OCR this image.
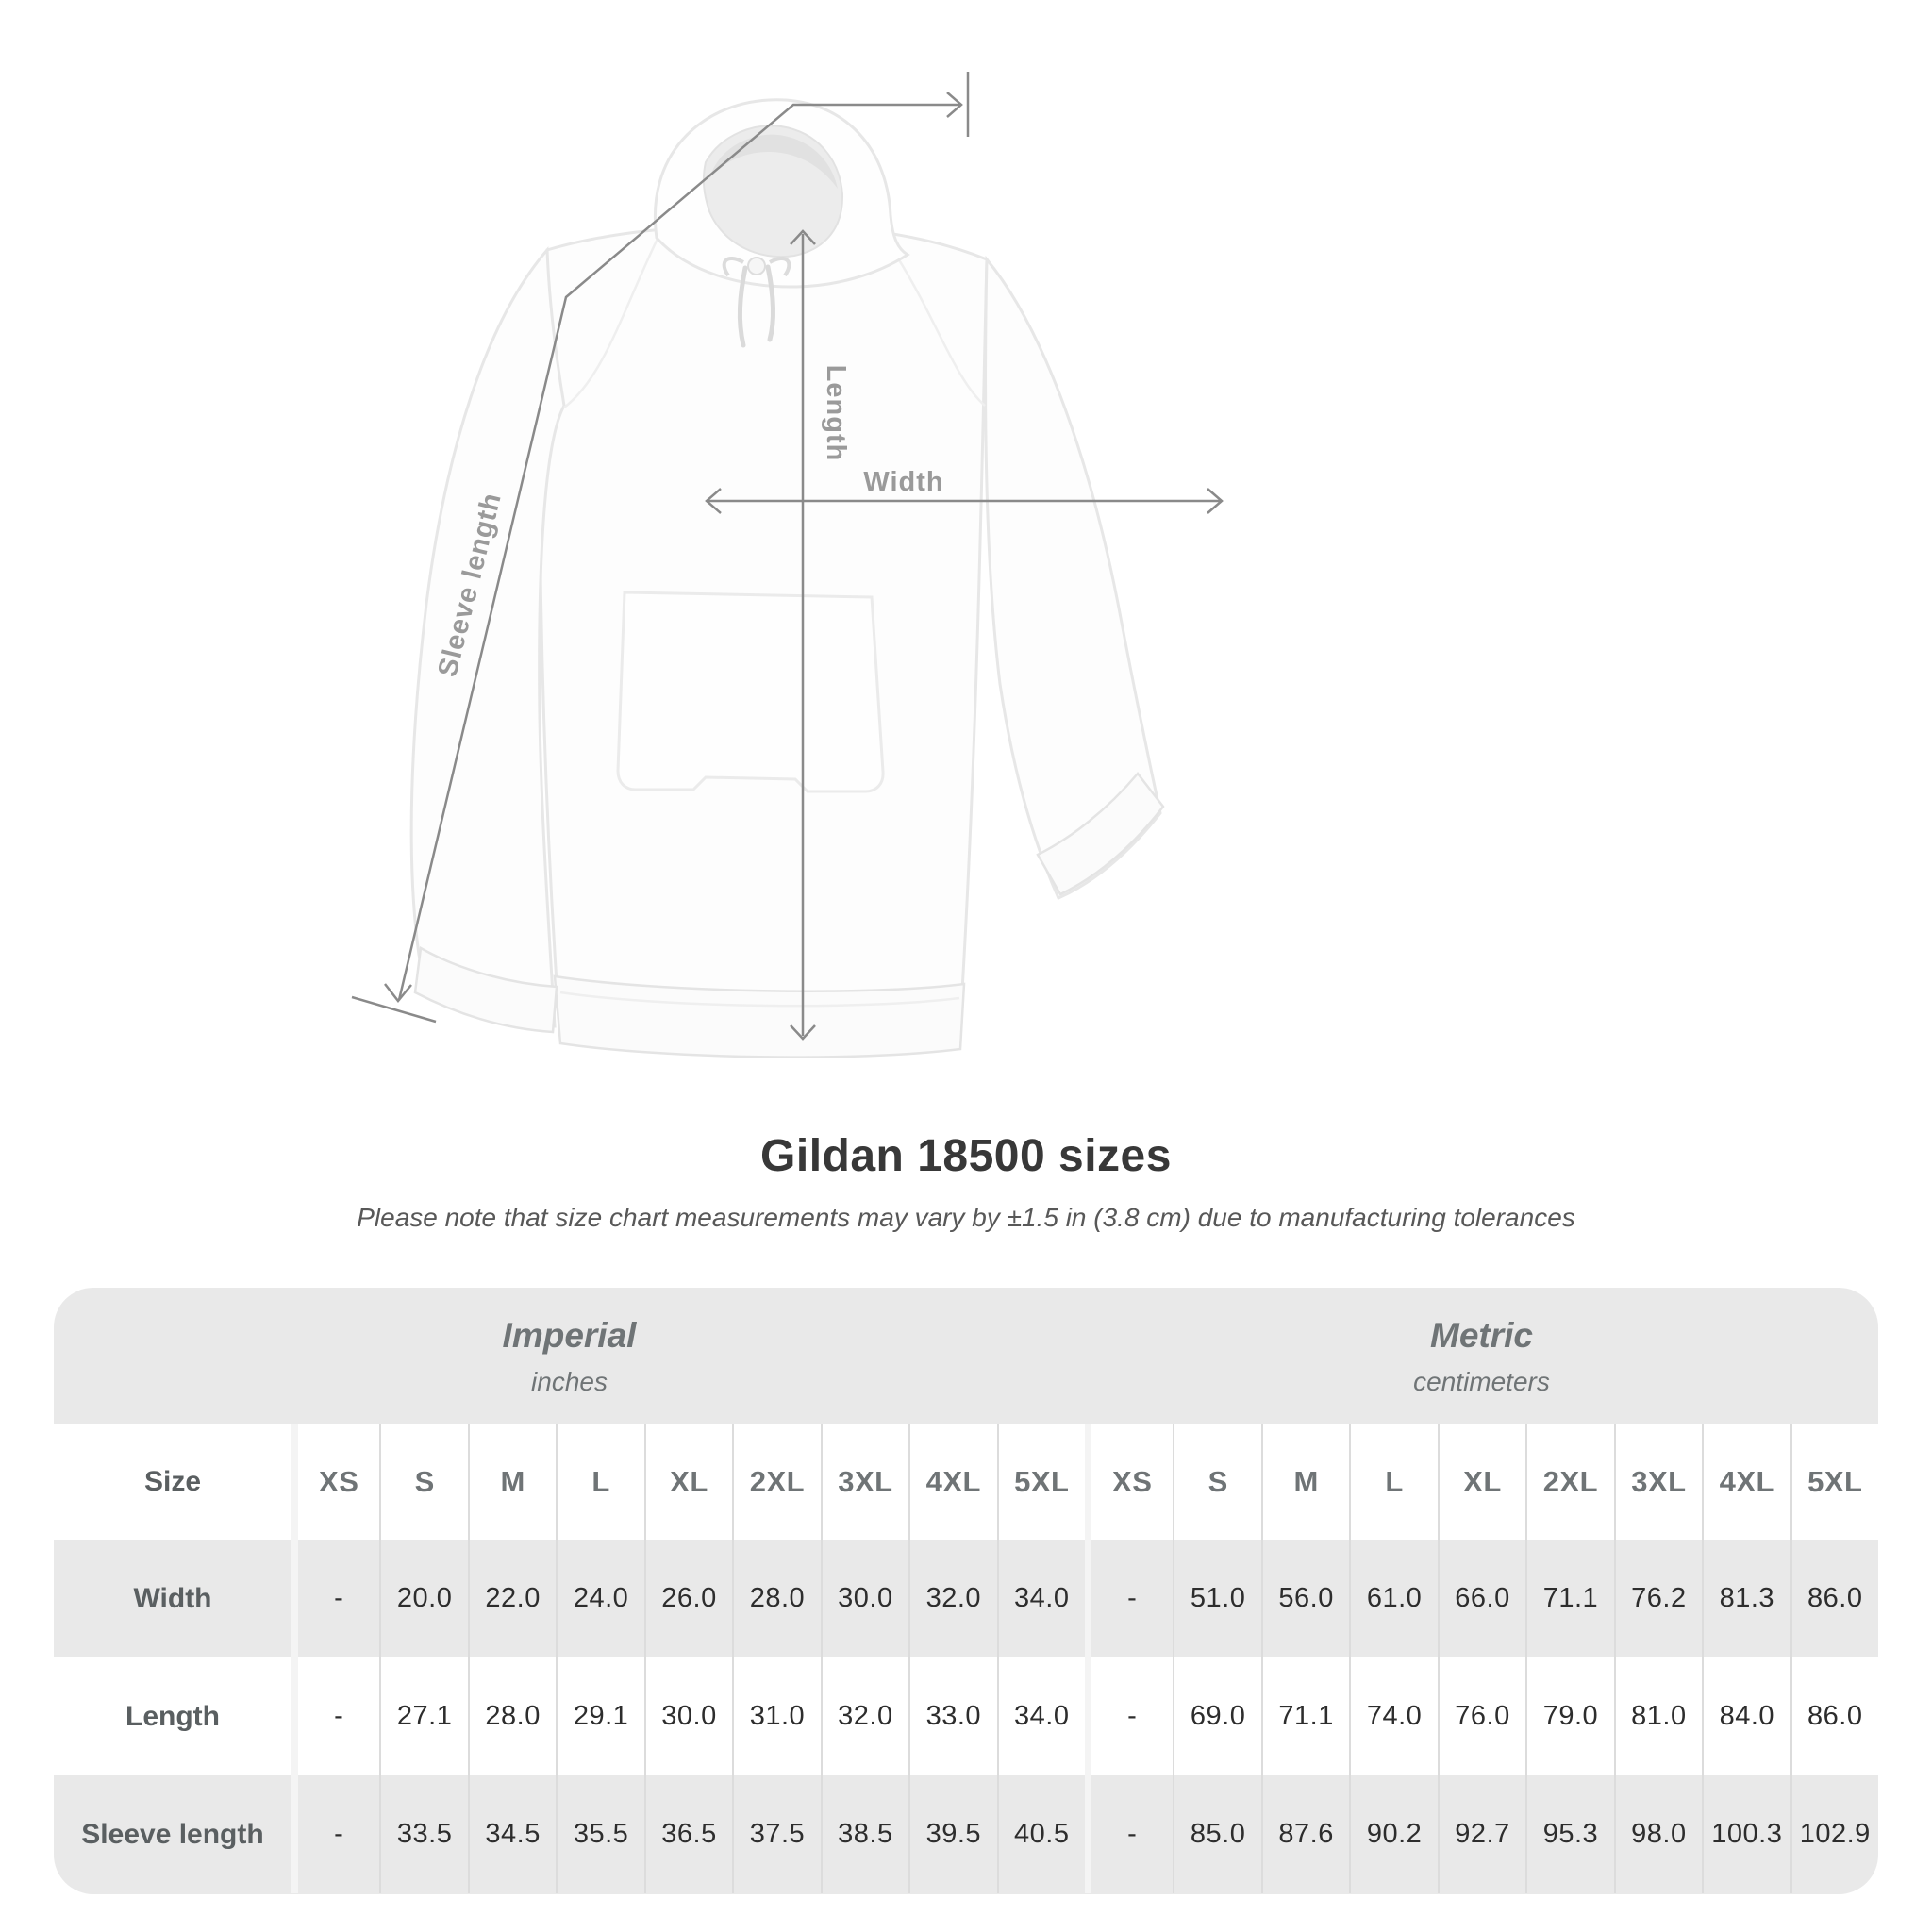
Width
Length
Sleeve length
Gildan 18500 sizes
Please note that size chart measurements may vary by ±1.5 in (3.8 cm) due to manufacturing tolerances
Imperial
inches
Metric
centimeters
Size	XS	S	M	L	XL	2XL	3XL	4XL	5XL	XS	S	M	L	XL	2XL	3XL	4XL	5XL
Width	-	20.0	22.0	24.0	26.0	28.0	30.0	32.0	34.0	-	51.0	56.0	61.0	66.0	71.1	76.2	81.3	86.0
Length	-	27.1	28.0	29.1	30.0	31.0	32.0	33.0	34.0	-	69.0	71.1	74.0	76.0	79.0	81.0	84.0	86.0
Sleeve length	-	33.5	34.5	35.5	36.5	37.5	38.5	39.5	40.5	-	85.0	87.6	90.2	92.7	95.3	98.0 100.3 102.9
